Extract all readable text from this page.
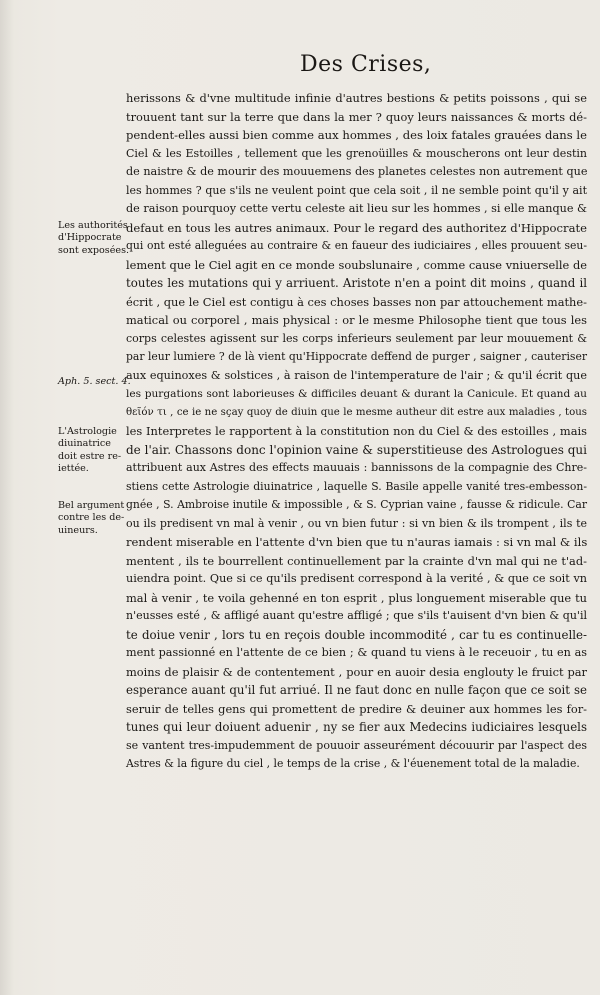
Des Crises,
Les authorités
d'Hippocrate
sont exposées.
Aph. 5. sect. 4.
L'Astrologie
diuinatrice
doit estre re-
iettée.
Bel argument
contre les de-
uineurs.
herissons & d'vne multitude infinie d'autres bestions & petits poissons , qui se
trouuent tant sur la terre que dans la mer ? quoy leurs naissances & morts dé-
pendent-elles aussi bien comme aux hommes , des loix fatales grauées dans le
Ciel & les Estoilles , tellement que les grenoüilles & mouscherons ont leur destin
de naistre & de mourir des mouuemens des planetes celestes non autrement que
les hommes ? que s'ils ne veulent point que cela soit , il ne semble point qu'il y ait
de raison pourquoy cette vertu celeste ait lieu sur les hommes , si elle manque &
defaut en tous les autres animaux. Pour le regard des authoritez d'Hippocrate
qui ont esté alleguées au contraire & en faueur des iudiciaires , elles prouuent seu-
lement que le Ciel agit en ce monde soubslunaire , comme cause vniuerselle de
toutes les mutations qui y arriuent. Aristote n'en a point dit moins , quand il
écrit , que le Ciel est contigu à ces choses basses non par attouchement mathe-
matical ou corporel , mais physical : or le mesme Philosophe tient que tous les
corps celestes agissent sur les corps inferieurs seulement par leur mouuement &
par leur lumiere ? de là vient qu'Hippocrate deffend de purger , saigner , cauteriser
aux equinoxes & solstices , à raison de l'intemperature de l'air ; & qu'il écrit que
les purgations sont laborieuses & difficiles deuant & durant la Canicule. Et quand au
θεῖόν τι , ce ie ne sçay quoy de diuin que le mesme autheur dit estre aux maladies , tous
les Interpretes le rapportent à la constitution non du Ciel & des estoilles , mais
de l'air. Chassons donc l'opinion vaine & superstitieuse des Astrologues qui
attribuent aux Astres des effects mauuais : bannissons de la compagnie des Chre-
stiens cette Astrologie diuinatrice , laquelle S. Basile appelle vanité tres-embesson-
gnée , S. Ambroise inutile & impossible , & S. Cyprian vaine , fausse & ridicule. Car
ou ils predisent vn mal à venir , ou vn bien futur : si vn bien & ils trompent , ils te
rendent miserable en l'attente d'vn bien que tu n'auras iamais : si vn mal & ils
mentent , ils te bourrellent continuellement par la crainte d'vn mal qui ne t'ad-
uiendra point. Que si ce qu'ils predisent correspond à la verité , & que ce soit vn
mal à venir , te voila gehenné en ton esprit , plus longuement miserable que tu
n'eusses esté , & affligé auant qu'estre affligé ; que s'ils t'auisent d'vn bien & qu'il
te doiue venir , lors tu en reçois double incommodité , car tu es continuelle-
ment passionné en l'attente de ce bien ; & quand tu viens à le receuoir , tu en as
moins de plaisir & de contentement , pour en auoir desia englouty le fruict par
esperance auant qu'il fut arriué. Il ne faut donc en nulle façon que ce soit se
seruir de telles gens qui promettent de predire & deuiner aux hommes les for-
tunes qui leur doiuent aduenir , ny se fier aux Medecins iudiciaires lesquels
se vantent tres-impudemment de pouuoir asseurément découurir par l'aspect des
Astres & la figure du ciel , le temps de la crise , & l'éuenement total de la maladie.
